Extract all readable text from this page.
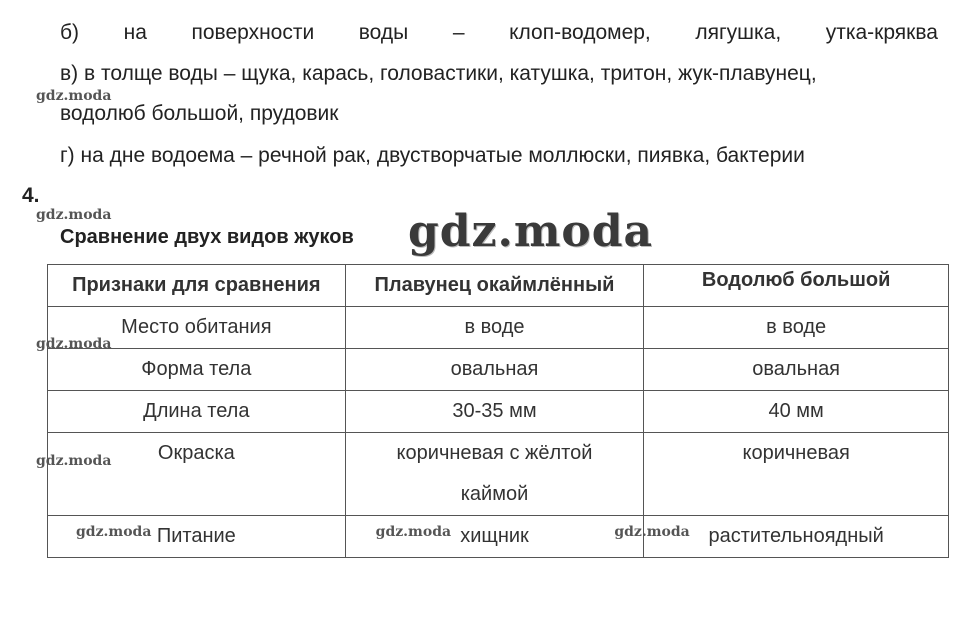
б) на поверхности воды – клоп-водомер, лягушка, утка-кряква
в) в толще воды – щука, карась, головастики, катушка, тритон, жук-плавунец,
водолюб большой, прудовик
г) на дне водоема – речной рак, двустворчатые моллюски, пиявка, бактерии
4.
Сравнение двух видов жуков gdz.moda
gdz.moda
gdz.moda
gdz.moda
gdz.moda
Признаки для сравнения	Плавунец окаймлённый	Водолюб большой
Место обитания	в воде	в воде
Форма тела	овальная	овальная
Длина тела	30-35 мм	40 мм
Окраска	коричневая с жёлтой каймой	коричневая

gdz.moda Питание	gdz.moda хищник	gdz.moda растительноядный
